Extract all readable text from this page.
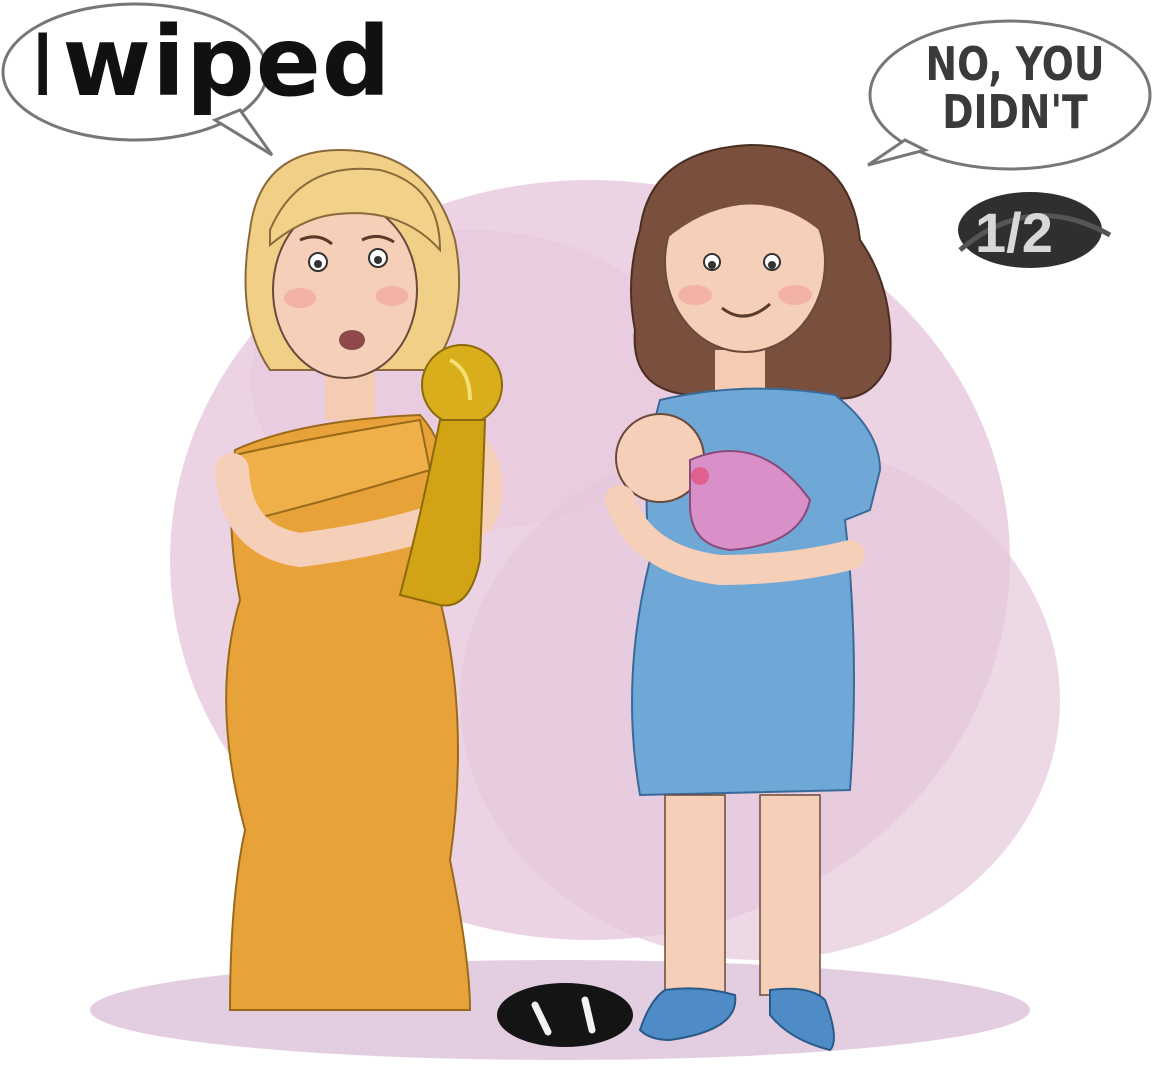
Iwiped	NO, YOU
DIDN'T
1/2
